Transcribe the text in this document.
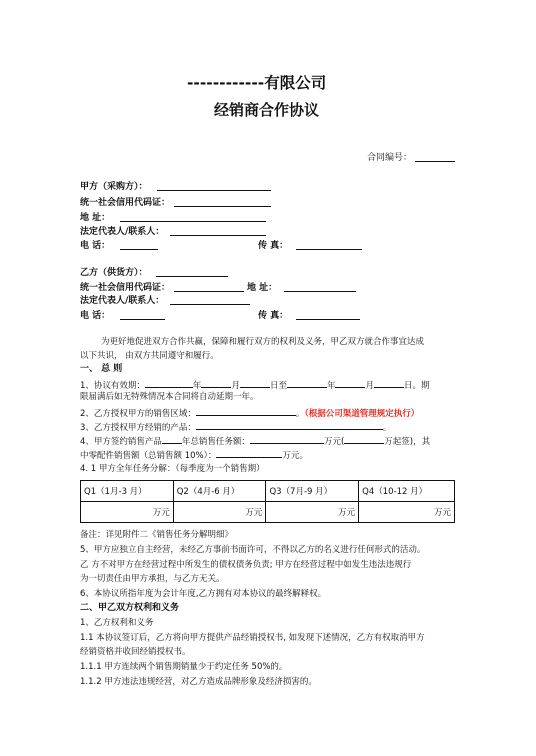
------------有限公司
经销商合作协议
合同编号：
甲方（采购方）：
统一社会信用代码证：
地 址：
法定代表人/联系人：
电 话：	传 真：
乙方（供货方）：
统一社会信用代码证：	地 址：
法定代表人/联系人：
电 话：	传 真：
为更好地促进双方合作共赢，保障和履行双方的权利及义务，甲乙双方就合作事宜达成
以下共识， 由双方共同遵守和履行。
一、 总 则
1、协议有效期：	年	月	日至	年	月	日。期
限届满后如无特殊情况本合同将自动延期一年。
2、乙方授权甲方的销售区域：	。（根据公司渠道管理规定执行）
3、乙方授权甲方经销的产品：	。
4、甲方签约销售产品 年总销售任务额：	万元(	万起签)，其
中零配件销售额（总销售额 10%）：	万元。
4. 1 甲方全年任务分解：（每季度为一个销售期）
Q1（1月-3 月）	Q2（4月-6 月）	Q3（7月-9 月）	Q4（10-12 月）
万元	万元	万元	万元
备注：详见附件二《销售任务分解明细》
5、甲方应独立自主经营，未经乙方事前书面许可，不得以乙方的名义进行任何形式的活动。
乙 方不对甲方在经营过程中所发生的债权债务负责; 甲方在经营过程中如发生违法违规行
为一切责任由甲方承担，与乙方无关。
6、本协议所指年度为会计年度,乙方拥有对本协议的最终解释权。
二、甲乙双方权利和义务
1、乙方权利和义务
1.1 本协议签订后，乙方将向甲方提供产品经销授权书, 如发现下述情况，乙方有权取消甲方
经销资格并收回经销授权书。
1.1.1 甲方连续两个销售期销量少于约定任务 50%的。
1.1.2 甲方违法违规经营，对乙方造成品牌形象及经济损害的。
